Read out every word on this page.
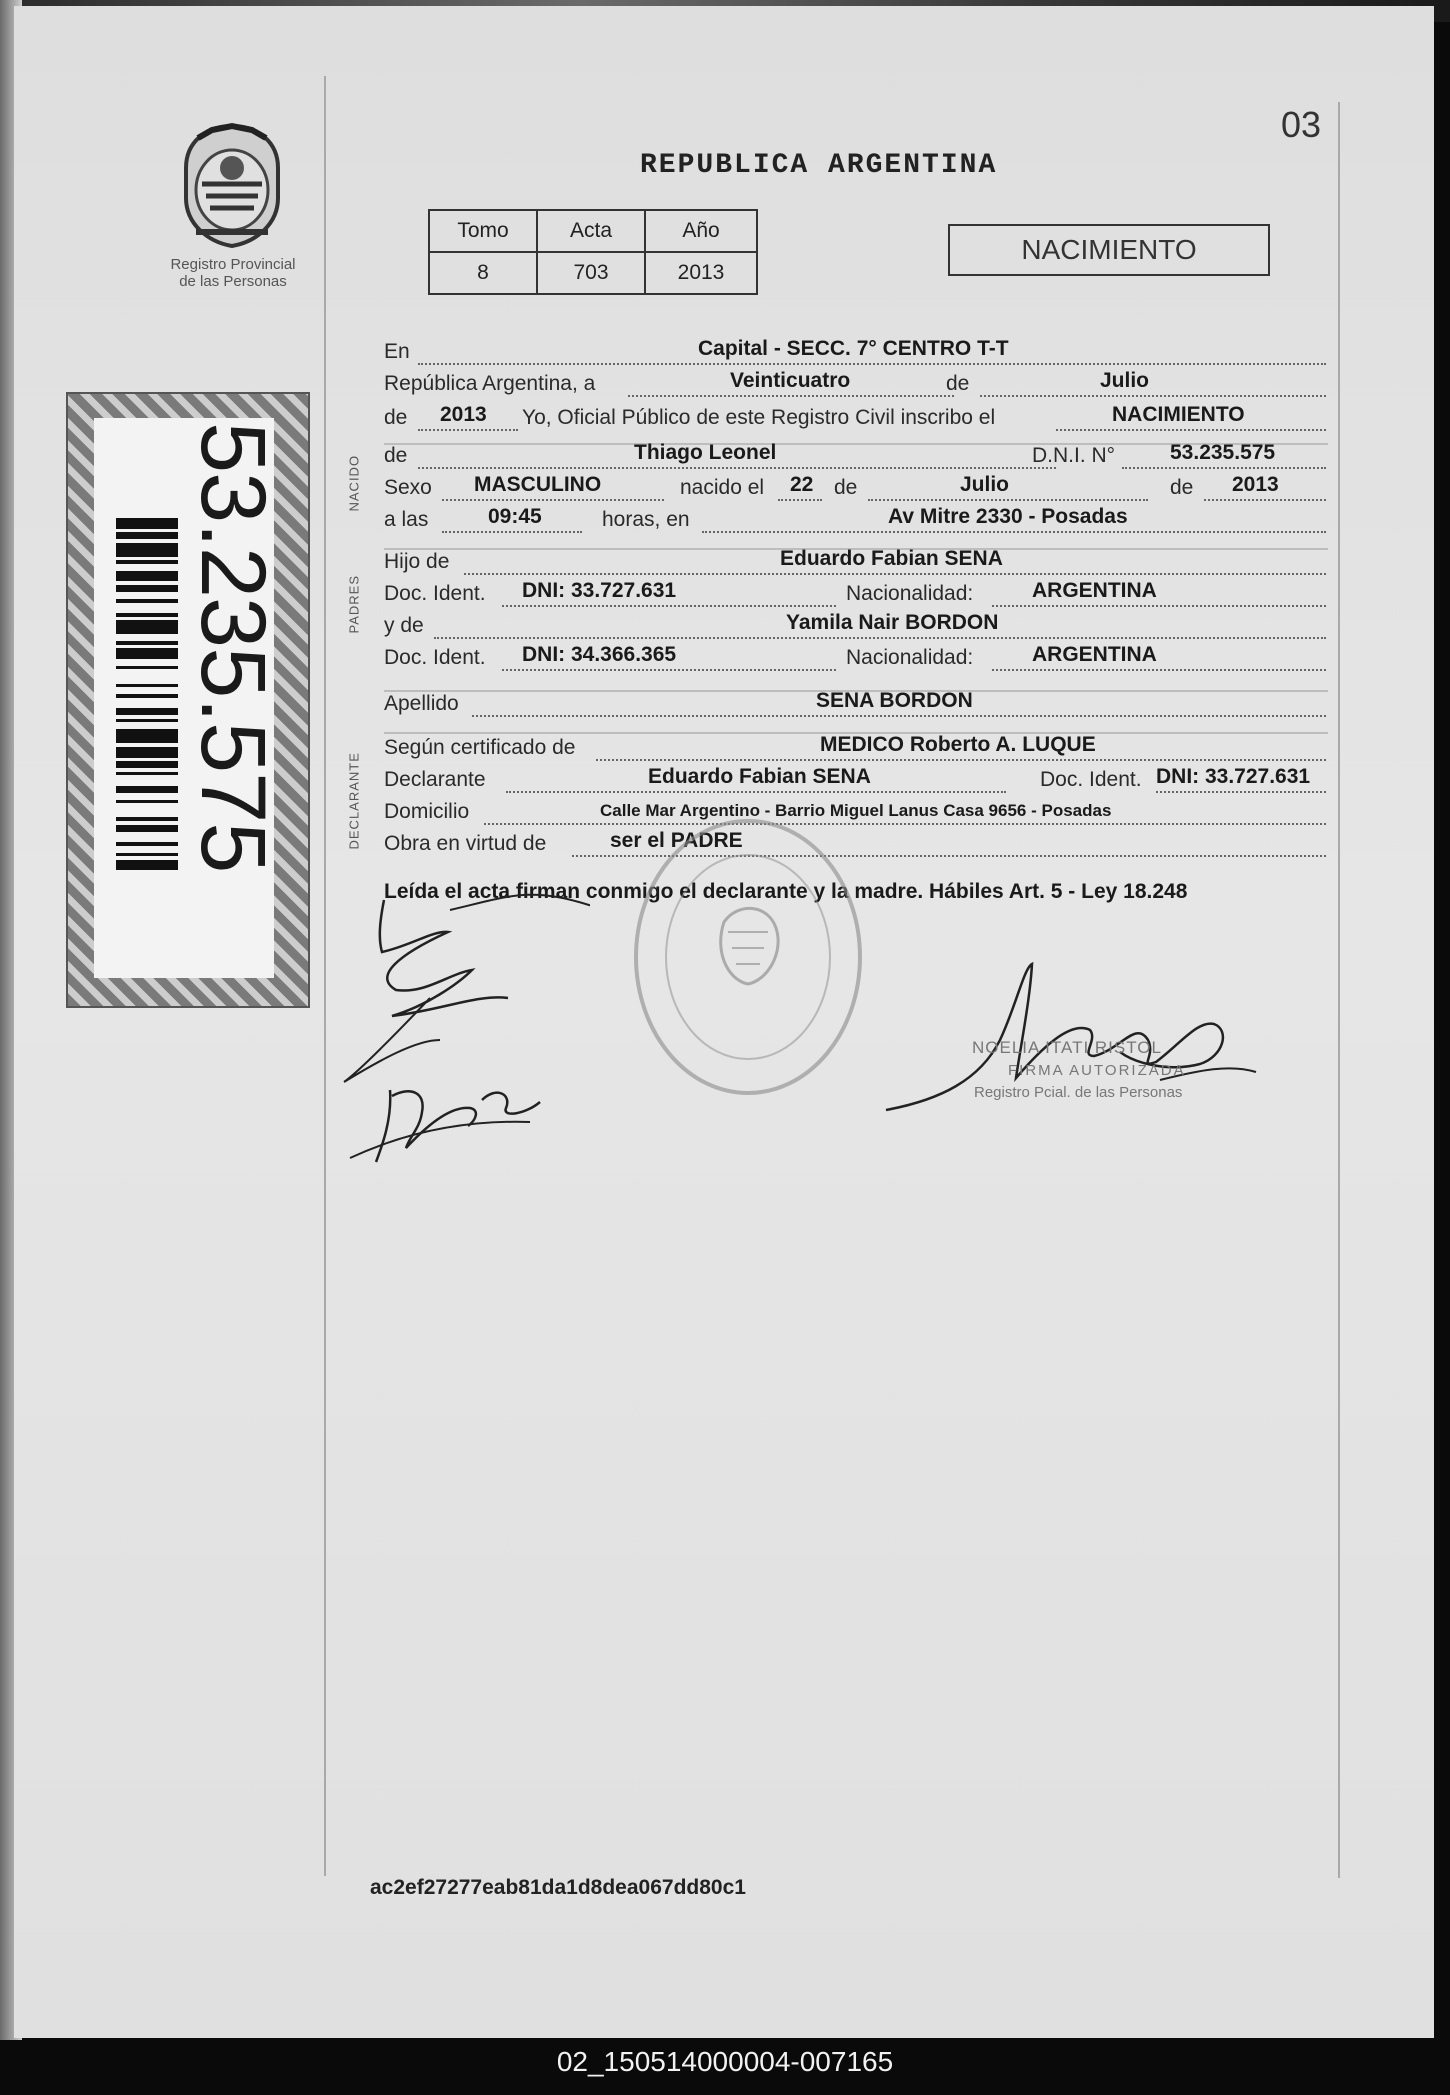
Registro Provincial
de las Personas
53.235.575
03
REPUBLICA ARGENTINA
Tomo	Acta	Año
8	703	2013
NACIMIENTO
NACIDO
PADRES
DECLARANTE
En	Capital - SECC. 7° CENTRO T-T
República Argentina, a	Veinticuatro	de	Julio
de 2013 Yo, Oficial Público de este Registro Civil inscribo el	NACIMIENTO
de	Thiago Leonel	D.N.I. N°	53.235.575
Sexo MASCULINO	nacido el 22 de	Julio	de 2013
a las	09:45	horas, en	Av Mitre 2330 - Posadas
Hijo de	Eduardo Fabian SENA
Doc. Ident. DNI: 33.727.631	Nacionalidad:	ARGENTINA
y de	Yamila Nair BORDON
Doc. Ident. DNI: 34.366.365	Nacionalidad:	ARGENTINA
Apellido	SENA BORDON
Según certificado de	MEDICO Roberto A. LUQUE
Declarante	Eduardo Fabian SENA	Doc. Ident. DNI: 33.727.631
Domicilio	Calle Mar Argentino - Barrio Miguel Lanus Casa 9656 - Posadas
Obra en virtud de	ser el PADRE
Leída el acta firman conmigo el declarante y la madre. Hábiles Art. 5 - Ley 18.248
NOELIA ITATI RISTOL
FIRMA AUTORIZADA
Registro Pcial. de las Personas
ac2ef27277eab81da1d8dea067dd80c1
02_150514000004-007165
